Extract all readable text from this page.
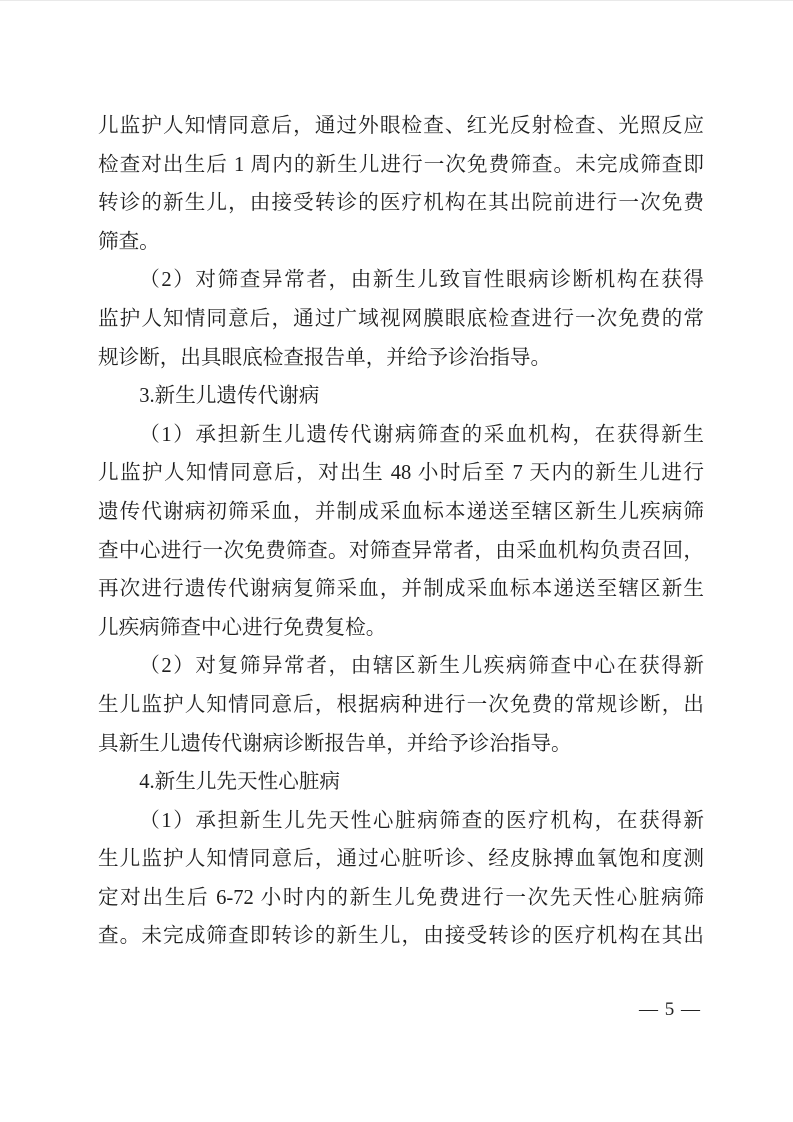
儿监护人知情同意后，通过外眼检查、红光反射检查、光照反应
检查对出生后 1 周内的新生儿进行一次免费筛查。未完成筛查即
转诊的新生儿，由接受转诊的医疗机构在其出院前进行一次免费
筛查。
（2）对筛查异常者，由新生儿致盲性眼病诊断机构在获得
监护人知情同意后，通过广域视网膜眼底检查进行一次免费的常
规诊断，出具眼底检查报告单，并给予诊治指导。
3.新生儿遗传代谢病
（1）承担新生儿遗传代谢病筛查的采血机构，在获得新生
儿监护人知情同意后，对出生 48 小时后至 7 天内的新生儿进行
遗传代谢病初筛采血，并制成采血标本递送至辖区新生儿疾病筛
查中心进行一次免费筛查。对筛查异常者，由采血机构负责召回，
再次进行遗传代谢病复筛采血，并制成采血标本递送至辖区新生
儿疾病筛查中心进行免费复检。
（2）对复筛异常者，由辖区新生儿疾病筛查中心在获得新
生儿监护人知情同意后，根据病种进行一次免费的常规诊断，出
具新生儿遗传代谢病诊断报告单，并给予诊治指导。
4.新生儿先天性心脏病
（1）承担新生儿先天性心脏病筛查的医疗机构，在获得新
生儿监护人知情同意后，通过心脏听诊、经皮脉搏血氧饱和度测
定对出生后 6-72 小时内的新生儿免费进行一次先天性心脏病筛
查。未完成筛查即转诊的新生儿，由接受转诊的医疗机构在其出
— 5 —
